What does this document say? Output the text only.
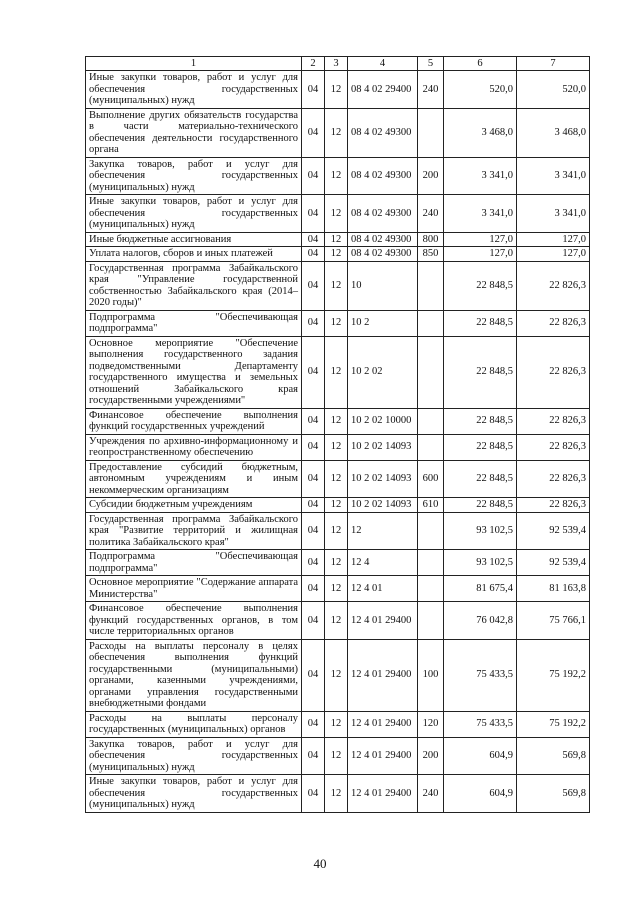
1	2	3	4	5	6	7
Иные закупки товаров, работ и услуг для обеспечения государственных (муниципальных) нужд	04	12	08 4 02 29400	240	520,0	520,0
Выполнение других обязательств государства в части материально-технического обеспечения деятельности государственного органа	04	12	08 4 02 49300		3 468,0	3 468,0
Закупка товаров, работ и услуг для обеспечения государственных (муниципальных) нужд	04	12	08 4 02 49300	200	3 341,0	3 341,0
Иные закупки товаров, работ и услуг для обеспечения государственных (муниципальных) нужд	04	12	08 4 02 49300	240	3 341,0	3 341,0
Иные бюджетные ассигнования	04	12	08 4 02 49300	800	127,0	127,0
Уплата налогов, сборов и иных платежей	04	12	08 4 02 49300	850	127,0	127,0
Государственная программа Забайкальского края "Управление государственной собственностью Забайкальского края (2014–2020 годы)"	04	12	10		22 848,5	22 826,3
Подпрограмма "Обеспечивающая подпрограмма"	04	12	10 2		22 848,5	22 826,3
Основное мероприятие "Обеспечение выполнения государственного задания подведомственными Департаменту государственного имущества и земельных отношений Забайкальского края государственными учреждениями"	04	12	10 2 02		22 848,5	22 826,3
Финансовое обеспечение выполнения функций государственных учреждений	04	12	10 2 02 10000		22 848,5	22 826,3
Учреждения по архивно-информационному и геопространственному обеспечению	04	12	10 2 02 14093		22 848,5	22 826,3
Предоставление субсидий бюджетным, автономным учреждениям и иным некоммерческим организациям	04	12	10 2 02 14093	600	22 848,5	22 826,3
Субсидии бюджетным учреждениям	04	12	10 2 02 14093	610	22 848,5	22 826,3
Государственная программа Забайкальского края "Развитие территорий и жилищная политика Забайкальского края"	04	12	12		93 102,5	92 539,4
Подпрограмма "Обеспечивающая подпрограмма"	04	12	12 4		93 102,5	92 539,4
Основное мероприятие "Содержание аппарата Министерства"	04	12	12 4 01		81 675,4	81 163,8
Финансовое обеспечение выполнения функций государственных органов, в том числе территориальных органов	04	12	12 4 01 29400		76 042,8	75 766,1
Расходы на выплаты персоналу в целях обеспечения выполнения функций государственными (муниципальными) органами, казенными учреждениями, органами управления государственными внебюджетными фондами	04	12	12 4 01 29400	100	75 433,5	75 192,2
Расходы на выплаты персоналу государственных (муниципальных) органов	04	12	12 4 01 29400	120	75 433,5	75 192,2
Закупка товаров, работ и услуг для обеспечения государственных (муниципальных) нужд	04	12	12 4 01 29400	200	604,9	569,8
Иные закупки товаров, работ и услуг для обеспечения государственных (муниципальных) нужд	04	12	12 4 01 29400	240	604,9	569,8
40
